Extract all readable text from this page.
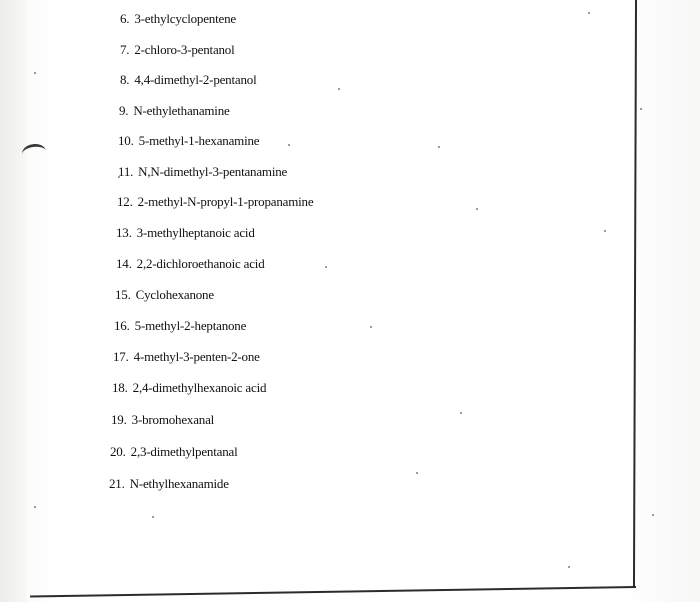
6. 3-ethylcyclopentene
7. 2-chloro-3-pentanol
8. 4,4-dimethyl-2-pentanol
9. N-ethylethanamine
10. 5-methyl-1-hexanamine
11. N,N-dimethyl-3-pentanamine
12. 2-methyl-N-propyl-1-propanamine
13. 3-methylheptanoic acid
14. 2,2-dichloroethanoic acid
15. Cyclohexanone
16. 5-methyl-2-heptanone
17. 4-methyl-3-penten-2-one
18. 2,4-dimethylhexanoic acid
19. 3-bromohexanal
20. 2,3-dimethylpentanal
21. N-ethylhexanamide
